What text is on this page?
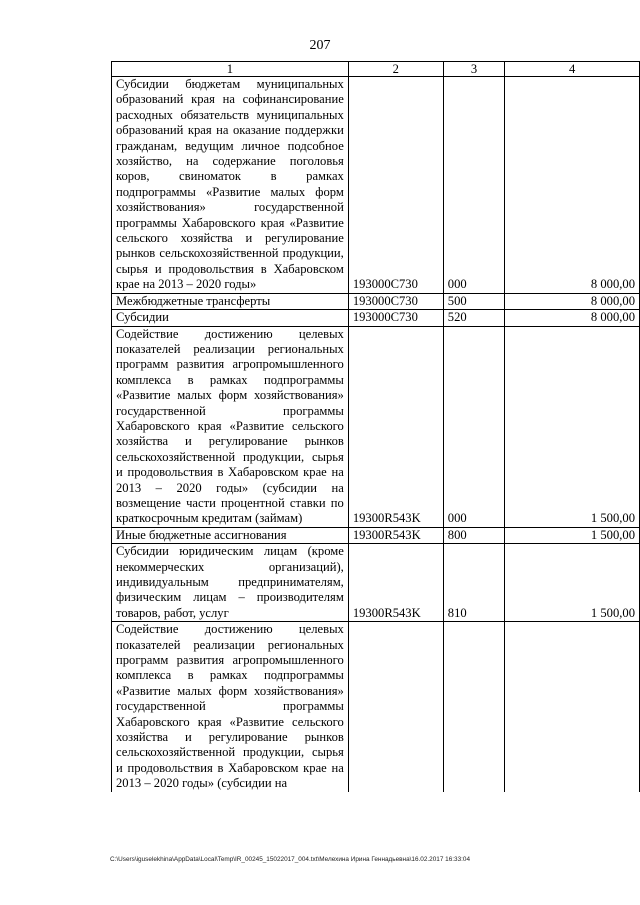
207
1	2	3	4
Субсидии бюджетам муниципальных образований края на софинансирование расходных обязательств муниципальных образований края на оказание поддержки гражданам, ведущим личное подсобное хозяйство, на содержание поголовья коров, свиноматок в рамках подпрограммы «Развитие малых форм хозяйствования» государственной программы Хабаровского края «Развитие сельского хозяйства и регулирование рынков сельскохозяйственной продукции, сырья и продовольствия в Хабаровском крае на 2013 – 2020 годы»	193000С730	000	8 000,00
Межбюджетные трансферты	193000С730	500	8 000,00
Субсидии	193000С730	520	8 000,00
Содействие достижению целевых показателей реализации региональных программ развития агропромышленного комплекса в рамках подпрограммы «Развитие малых форм хозяйствования» государственной программы Хабаровского края «Развитие сельского хозяйства и регулирование рынков сельскохозяйственной продукции, сырья и продовольствия в Хабаровском крае на 2013 – 2020 годы» (субсидии на возмещение части процентной ставки по краткосрочным кредитам (займам)	19300R543K	000	1 500,00
Иные бюджетные ассигнования	19300R543K	800	1 500,00
Субсидии юридическим лицам (кроме некоммерческих организаций), индивидуальным предпринимателям, физическим лицам – производителям товаров, работ, услуг	19300R543K	810	1 500,00
Содействие достижению целевых показателей реализации региональных программ развития агропромышленного комплекса в рамках подпрограммы «Развитие малых форм хозяйствования» государственной программы Хабаровского края «Развитие сельского хозяйства и регулирование рынков сельскохозяйственной продукции, сырья и продовольствия в Хабаровском крае на 2013 – 2020 годы» (субсидии на			
C:\Users\iguselekhina\AppData\Local\Temp\IR_00245_15022017_004.txt\Мелехина Ирина Геннадьевна\16.02.2017 16:33:04
